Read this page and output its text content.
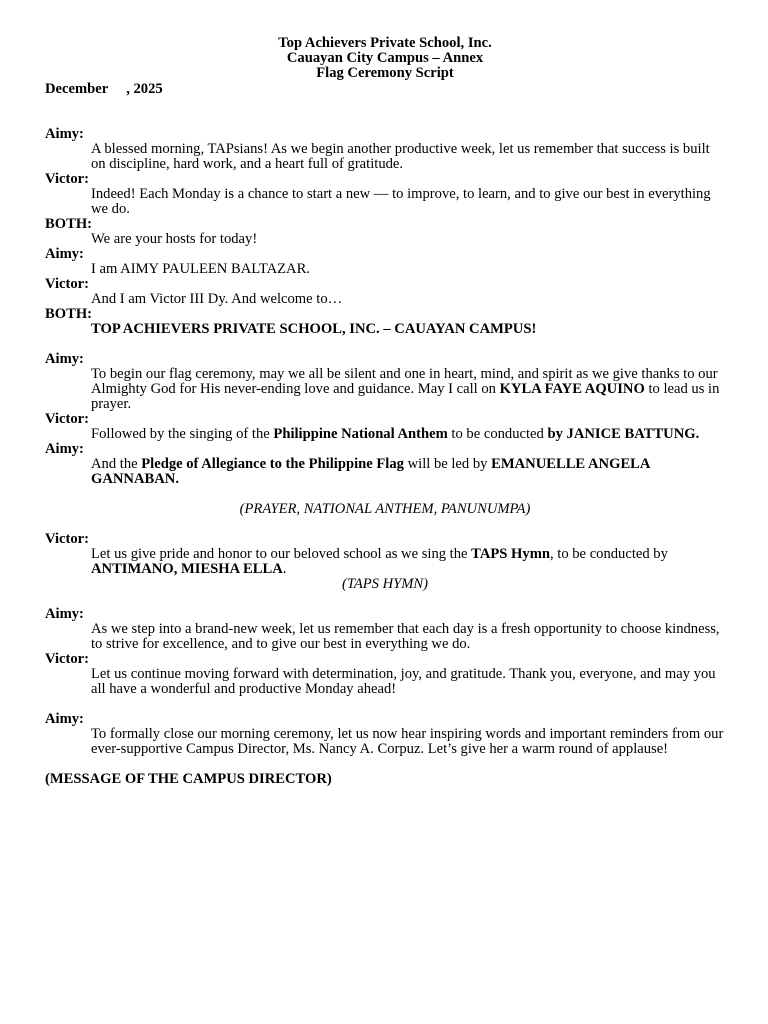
Top Achievers Private School, Inc.
Cauayan City Campus – Annex
Flag Ceremony Script
December , 2025
Aimy:
A blessed morning, TAPsians! As we begin another productive week, let us remember that success is built on discipline, hard work, and a heart full of gratitude.
Victor:
Indeed! Each Monday is a chance to start a new — to improve, to learn, and to give our best in everything we do.
BOTH:
We are your hosts for today!
Aimy:
I am AIMY PAULEEN BALTAZAR.
Victor:
And I am Victor III Dy. And welcome to…
BOTH:
TOP ACHIEVERS PRIVATE SCHOOL, INC. – CAUAYAN CAMPUS!
Aimy:
To begin our flag ceremony, may we all be silent and one in heart, mind, and spirit as we give thanks to our Almighty God for His never-ending love and guidance. May I call on KYLA FAYE AQUINO to lead us in prayer.
Victor:
Followed by the singing of the Philippine National Anthem to be conducted by JANICE BATTUNG.
Aimy:
And the Pledge of Allegiance to the Philippine Flag will be led by EMANUELLE ANGELA GANNABAN.
(PRAYER, NATIONAL ANTHEM, PANUNUMPA)
Victor:
Let us give pride and honor to our beloved school as we sing the TAPS Hymn, to be conducted by ANTIMANO, MIESHA ELLA.
(TAPS HYMN)
Aimy:
As we step into a brand-new week, let us remember that each day is a fresh opportunity to choose kindness, to strive for excellence, and to give our best in everything we do.
Victor:
Let us continue moving forward with determination, joy, and gratitude. Thank you, everyone, and may you all have a wonderful and productive Monday ahead!
Aimy:
To formally close our morning ceremony, let us now hear inspiring words and important reminders from our ever-supportive Campus Director, Ms. Nancy A. Corpuz. Let’s give her a warm round of applause!
(MESSAGE OF THE CAMPUS DIRECTOR)
